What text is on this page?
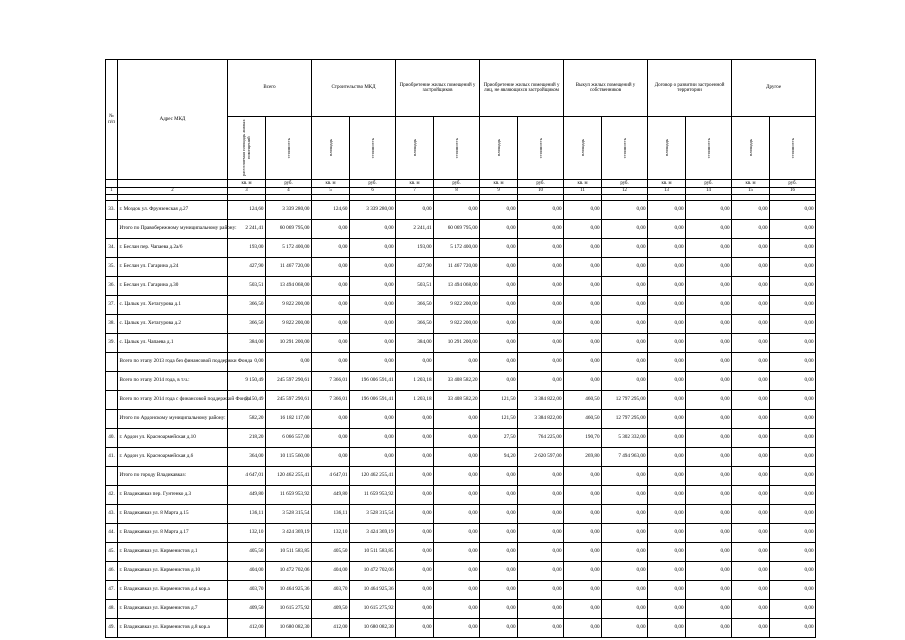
№ п/п	Адрес МКД	Всего		Строительство МКД		Приобретение жилых помещений у застройщиков		Приобретение жилых помещений у лиц, не являющихся застройщиком		Выкуп жилых помещений у собственников		Договор о развитии застроенной территории		Другое	

		расселяемая площадь жилых помещений	стоимость	площадь	стоимость	площадь	стоимость	площадь	стоимость	площадь	стоимость	площадь	стоимость	площадь	стоимость

		кв. м	руб.	кв. м	руб.	кв. м	руб.	кв. м	руб.	кв. м	руб.	кв. м	руб.	кв. м	руб.
1	2	3	4	5	6	7	8	9	10	11	12	13	14	15	16

33.	г. Моздок ул. Фрунзенская д.27	124,60	3 339 280,00	124,60	3 339 280,00	0,00	0,00	0,00	0,00	0,00	0,00	0,00	0,00	0,00	0,00
	Итого по Правобережному муниципальному району:	2 241,41	60 069 795,00	0,00	0,00	2 241,41	60 069 795,00	0,00	0,00	0,00	0,00	0,00	0,00	0,00	0,00
34.	г. Беслан пер. Чапаева д.2а/6	193,00	5 172 400,00	0,00	0,00	193,00	5 172 400,00	0,00	0,00	0,00	0,00	0,00	0,00	0,00	0,00
35.	г. Беслан ул. Гагарина д.24	427,90	11 467 720,00	0,00	0,00	427,90	11 467 720,00	0,00	0,00	0,00	0,00	0,00	0,00	0,00	0,00
36.	г. Беслан ул. Гагарина д.30	503,51	13 494 068,00	0,00	0,00	503,51	13 494 068,00	0,00	0,00	0,00	0,00	0,00	0,00	0,00	0,00
37.	с. Цалык ул. Хетагурова д.1	366,50	9 822 200,00	0,00	0,00	366,50	9 822 200,00	0,00	0,00	0,00	0,00	0,00	0,00	0,00	0,00
38.	с. Цалык ул. Хетагурова д.2	366,50	9 822 200,00	0,00	0,00	366,50	9 822 200,00	0,00	0,00	0,00	0,00	0,00	0,00	0,00	0,00
39.	с. Цалык ул. Чапаева д.1	384,00	10 291 200,00	0,00	0,00	384,00	10 291 200,00	0,00	0,00	0,00	0,00	0,00	0,00	0,00	0,00
	Всего по этапу 2013 года без финансовой поддержки Фонда	0,00	0,00	0,00	0,00	0,00	0,00	0,00	0,00	0,00	0,00	0,00	0,00	0,00	0,00
	Всего по этапу 2014 года, в т.ч.:	9 150,49	245 597 290,61	7 366,01	196 006 591,41	1 203,18	33 408 582,20	0,00	0,00	0,00	0,00	0,00	0,00	0,00	0,00
	Всего по этапу 2014 года с финансовой поддержкой Фонда	9 150,49	245 597 290,61	7 366,01	196 006 591,41	1 203,18	33 408 582,20	121,50	3 384 822,00	460,50	12 797 295,00	0,00	0,00	0,00	0,00
	Итого по Ардонскому муниципальному району:	582,20	16 182 117,00	0,00	0,00	0,00	0,00	121,50	3 384 822,00	460,50	12 797 295,00	0,00	0,00	0,00	0,00
40.	г. Ардон ул. Красноармейская д.10	218,20	6 066 557,00	0,00	0,00	0,00	0,00	27,50	764 225,00	190,70	5 302 332,00	0,00	0,00	0,00	0,00
41.	г. Ардон ул. Красноармейская д.6	364,00	10 115 560,00	0,00	0,00	0,00	0,00	94,20	2 620 597,00	269,80	7 494 963,00	0,00	0,00	0,00	0,00
	Итого по городу Владикавказ:	4 647,01	120 462 255,41	4 647,01	120 462 255,41	0,00	0,00	0,00	0,00	0,00	0,00	0,00	0,00	0,00	0,00
42.	г. Владикавказ пер. Гунтенко д.3	449,80	11 659 953,92	449,80	11 659 953,92	0,00	0,00	0,00	0,00	0,00	0,00	0,00	0,00	0,00	0,00
43.	г. Владикавказ ул. 8 Марта д.15	136,11	3 528 315,54	136,11	3 528 315,54	0,00	0,00	0,00	0,00	0,00	0,00	0,00	0,00	0,00	0,00
44.	г. Владикавказ ул. 8 Марта д.17	132,10	3 424 369,19	132,10	3 424 369,19	0,00	0,00	0,00	0,00	0,00	0,00	0,00	0,00	0,00	0,00
45.	г. Владикавказ ул. Кирменистов д.1	405,50	10 511 583,85	405,50	10 511 583,85	0,00	0,00	0,00	0,00	0,00	0,00	0,00	0,00	0,00	0,00
46.	г. Владикавказ ул. Кирменистов д.10	404,00	10 472 702,06	404,00	10 472 702,06	0,00	0,00	0,00	0,00	0,00	0,00	0,00	0,00	0,00	0,00
47.	г. Владикавказ ул. Кирменистов д.4 кор.а	403,70	10 464 925,36	403,70	10 464 925,36	0,00	0,00	0,00	0,00	0,00	0,00	0,00	0,00	0,00	0,00
48.	г. Владикавказ ул. Кирменистов д.7	409,50	10 615 275,92	409,50	10 615 275,92	0,00	0,00	0,00	0,00	0,00	0,00	0,00	0,00	0,00	0,00
49.	г. Владикавказ ул. Кирменистов д.8 кор.а	412,00	10 680 082,30	412,00	10 680 082,30	0,00	0,00	0,00	0,00	0,00	0,00	0,00	0,00	0,00	0,00
